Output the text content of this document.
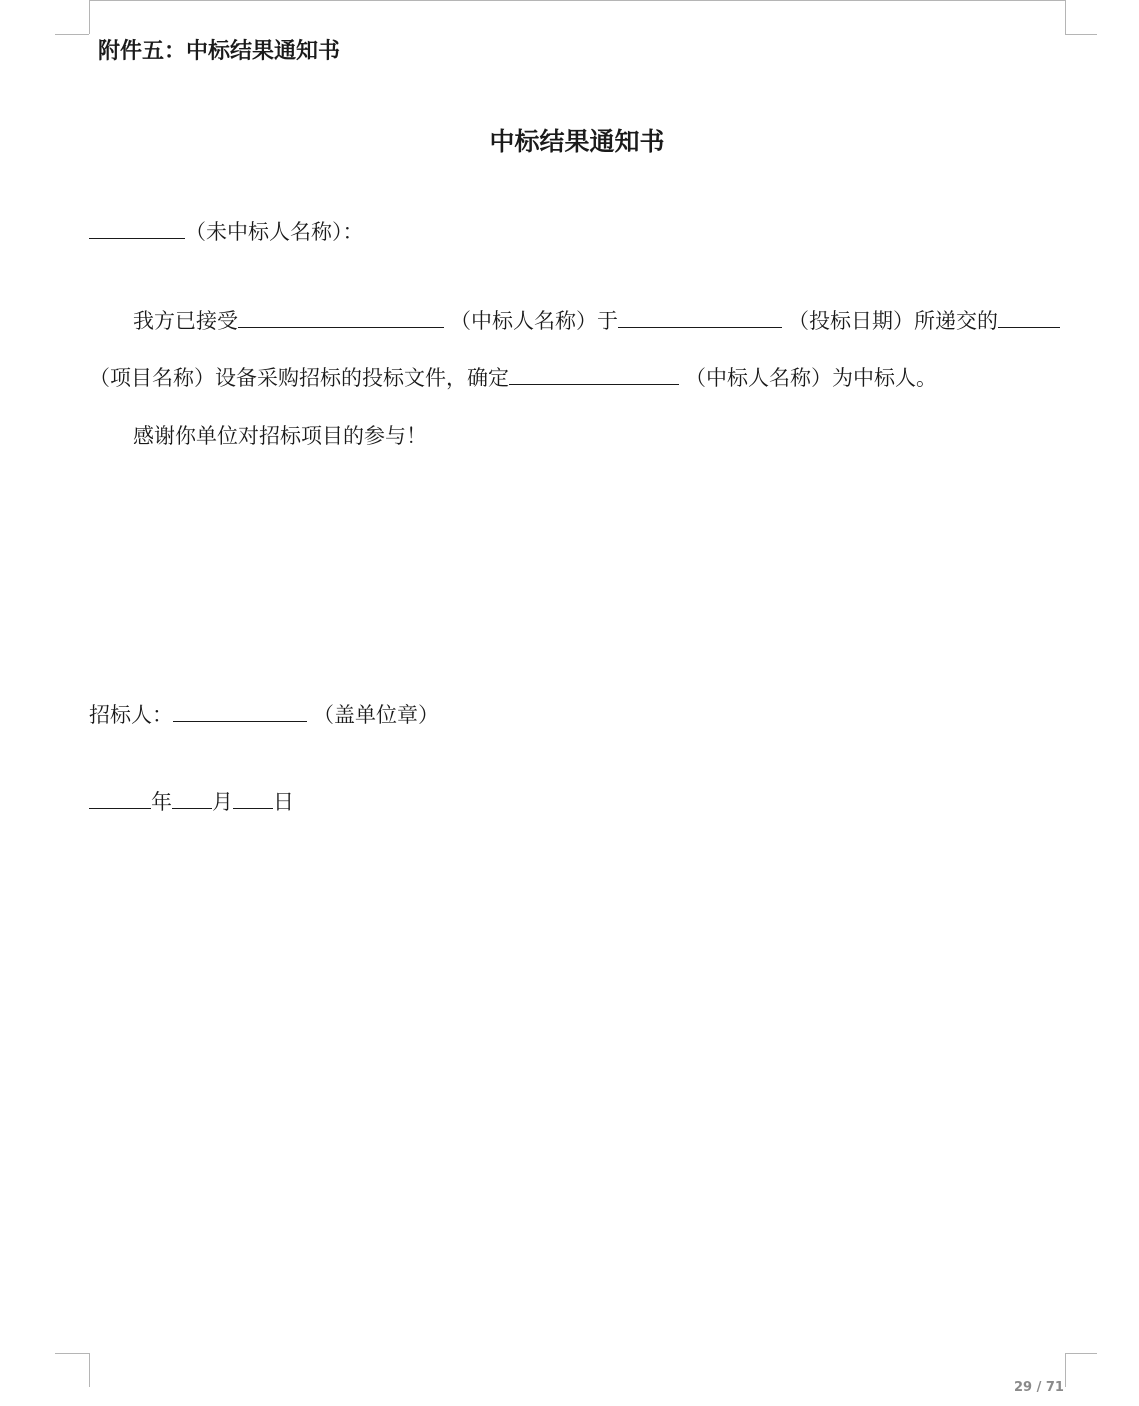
附件五：中标结果通知书
中标结果通知书
（未中标人名称）：
我方已接受	（中标人名称）于	（投标日期）所递交的
（项目名称）设备采购招标的投标文件，确定	（中标人名称）为中标人。
感谢你单位对招标项目的参与！
招标人：	（盖单位章）
年 月 日
29 / 71
